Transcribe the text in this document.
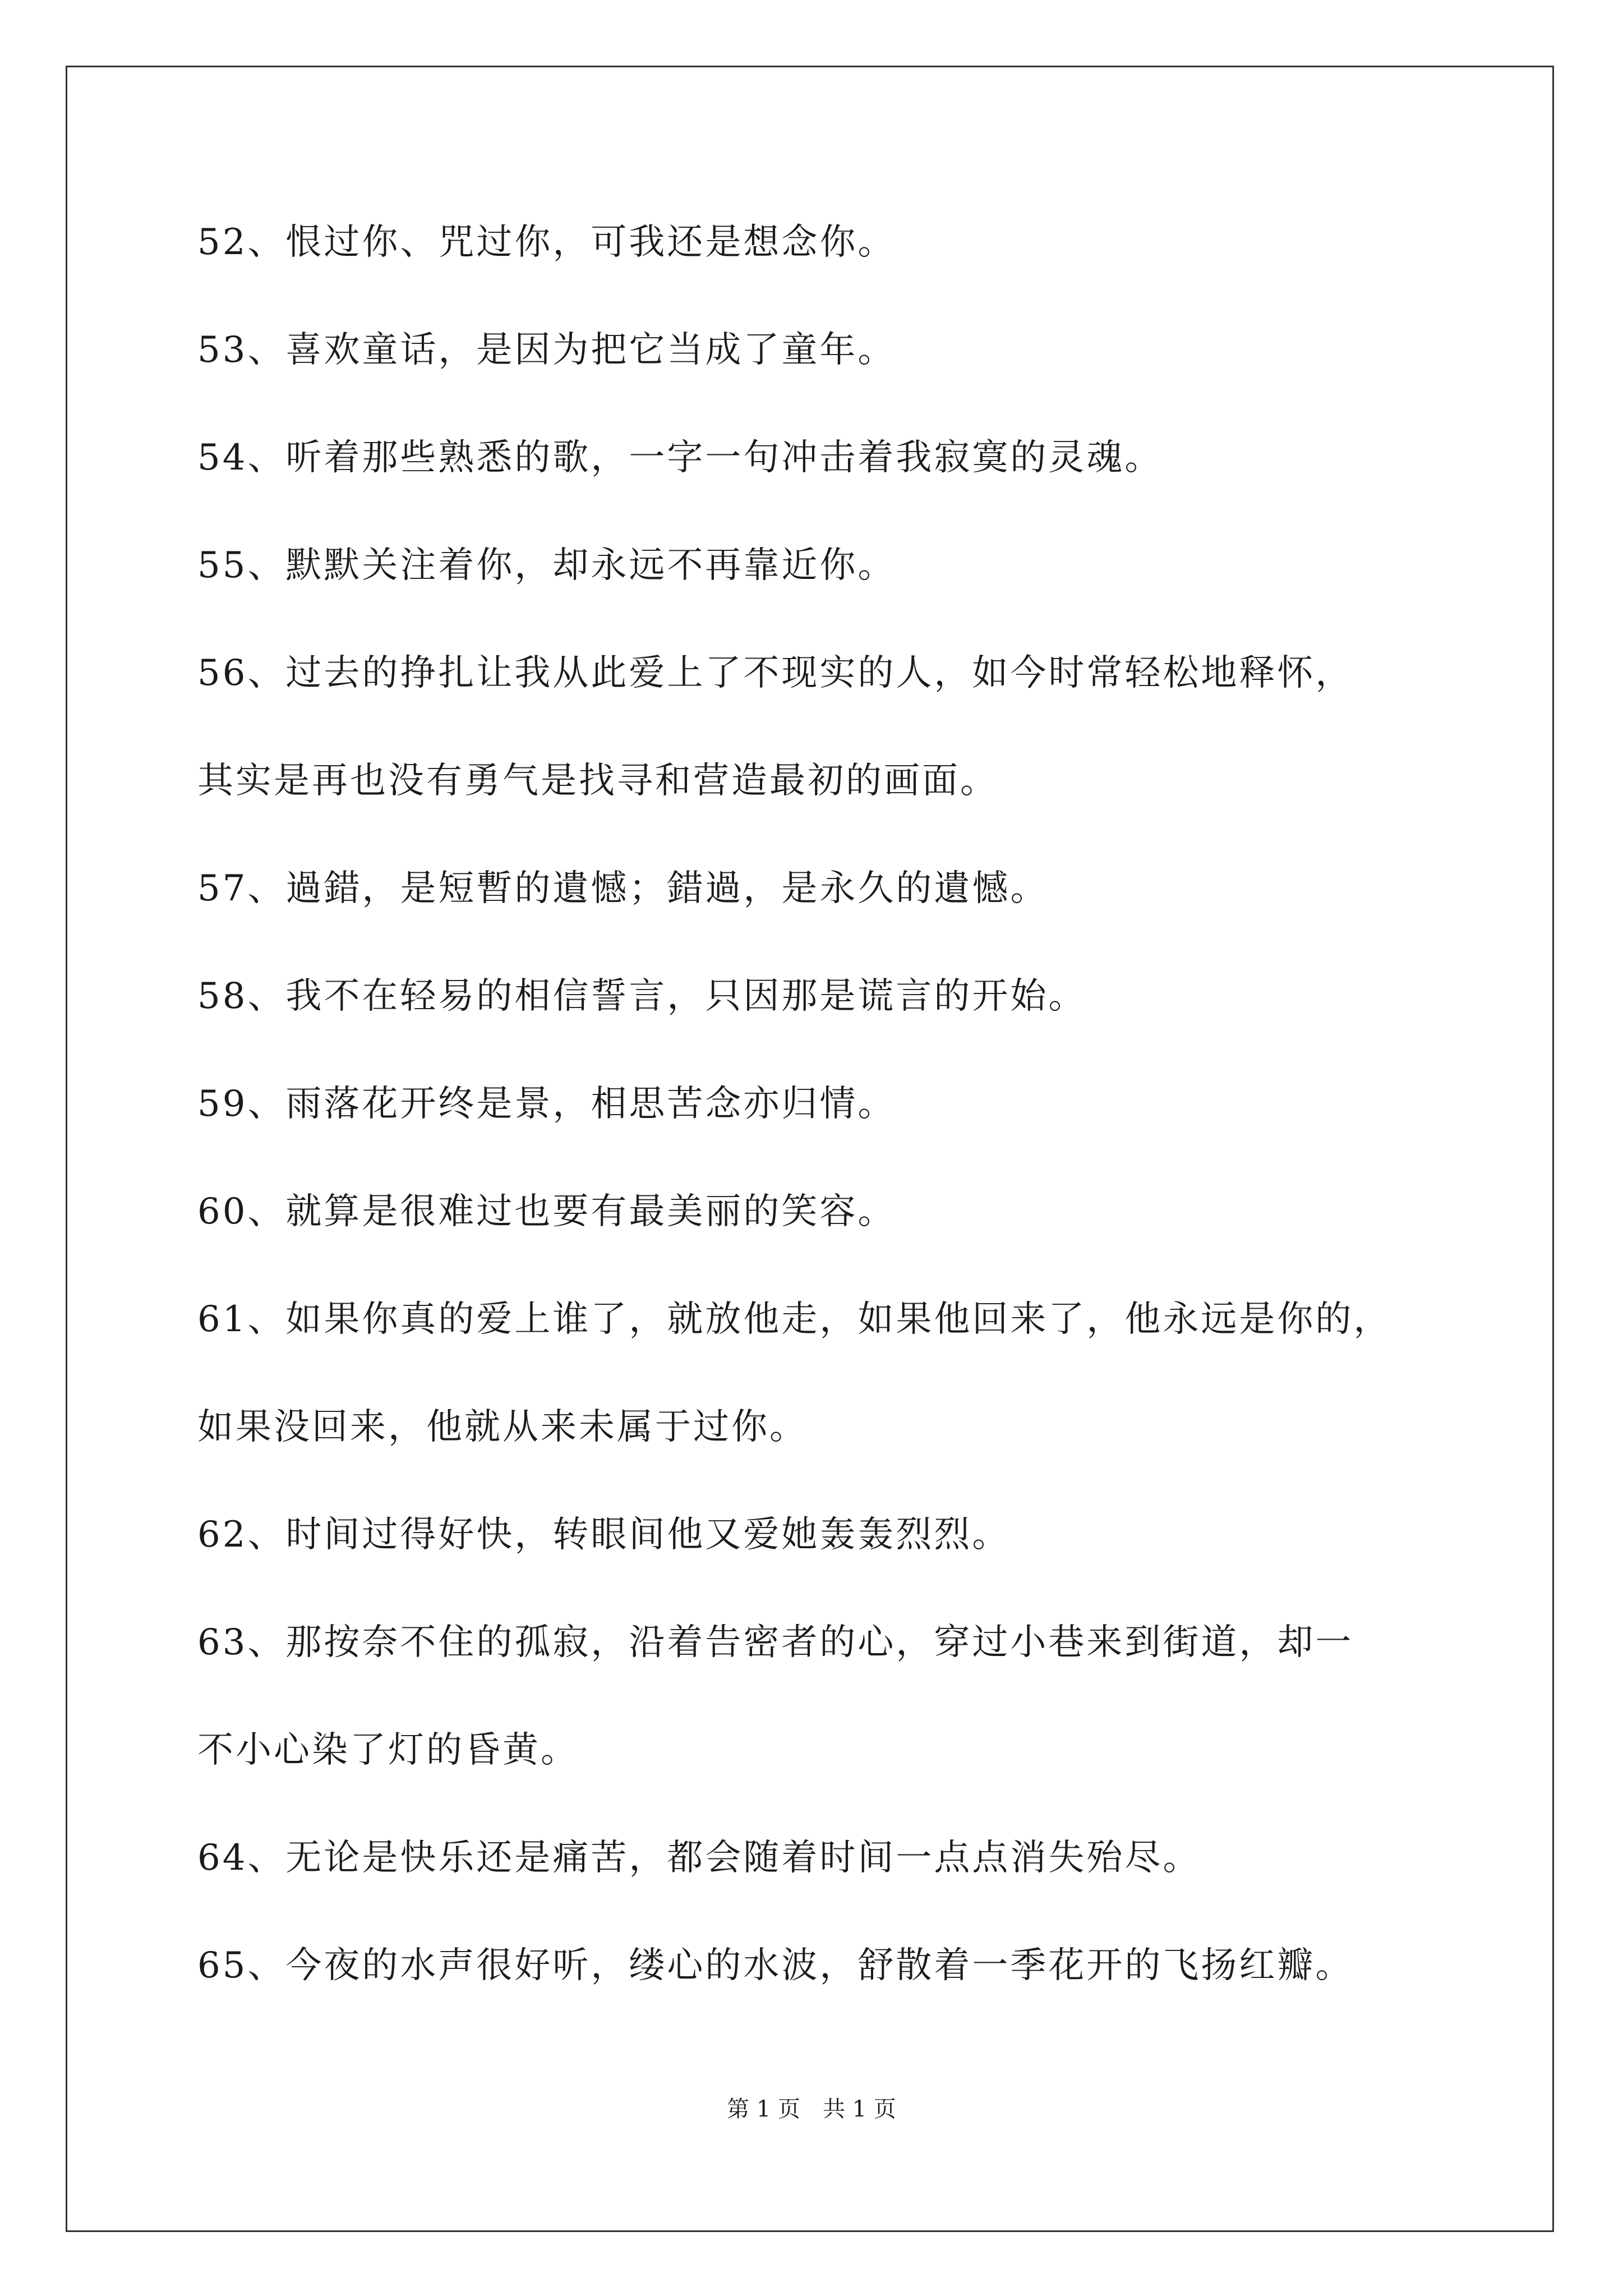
52、恨过你、咒过你，可我还是想念你。
53、喜欢童话，是因为把它当成了童年。
54、听着那些熟悉的歌，一字一句冲击着我寂寞的灵魂。
55、默默关注着你，却永远不再靠近你。
56、过去的挣扎让我从此爱上了不现实的人，如今时常轻松地释怀，
其实是再也没有勇气是找寻和营造最初的画面。
57、過錯，是短暫的遺憾；錯過，是永久的遺憾。
58、我不在轻易的相信誓言，只因那是谎言的开始。
59、雨落花开终是景，相思苦念亦归情。
60、就算是很难过也要有最美丽的笑容。
61、如果你真的爱上谁了，就放他走，如果他回来了，他永远是你的，
如果没回来，他就从来未属于过你。
62、时间过得好快，转眼间他又爱她轰轰烈烈。
63、那按奈不住的孤寂，沿着告密者的心，穿过小巷来到街道，却一
不小心染了灯的昏黄。
64、无论是快乐还是痛苦，都会随着时间一点点消失殆尽。
65、今夜的水声很好听，缕心的水波，舒散着一季花开的飞扬红瓣。
第 1 页　共 1 页
